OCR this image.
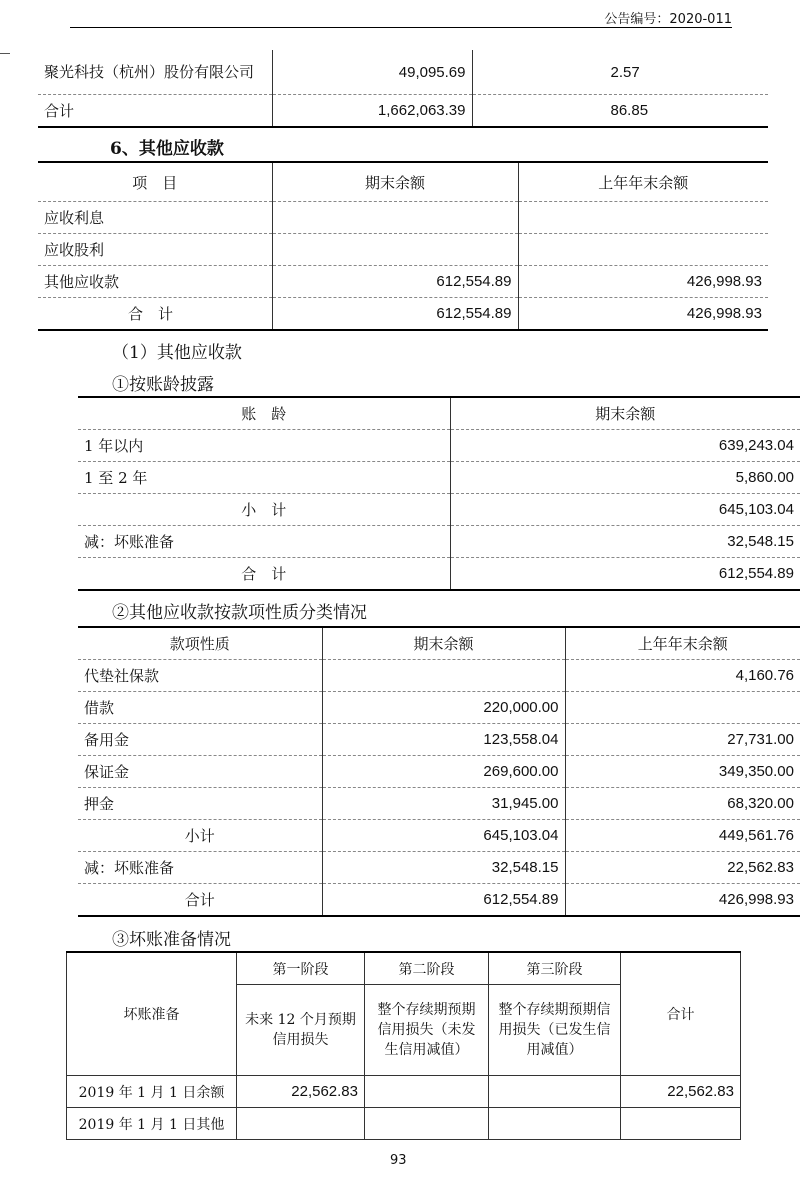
公告编号：2020-011
聚光科技（杭州）股份有限公司	49,095.69	2.57
合计	1,662,063.39	86.85
6、其他应收款
项　目	期末余额	上年年末余额
应收利息		
应收股利		
其他应收款	612,554.89	426,998.93
合　计	612,554.89	426,998.93
（1）其他应收款
①按账龄披露
账　龄	期末余额
1 年以内	639,243.04
1 至 2 年	5,860.00
小　计	645,103.04
减：坏账准备	32,548.15
合　计	612,554.89
②其他应收款按款项性质分类情况
款项性质	期末余额	上年年末余额
代垫社保款		4,160.76
借款	220,000.00	
备用金	123,558.04	27,731.00
保证金	269,600.00	349,350.00
押金	31,945.00	68,320.00
小计	645,103.04	449,561.76
减：坏账准备	32,548.15	22,562.83
合计	612,554.89	426,998.93
③坏账准备情况
坏账准备	第一阶段	第二阶段	第三阶段	合计
	未来 12 个月预期信用损失	整个存续期预期信用损失（未发生信用减值）	整个存续期预期信用损失（已发生信用减值）	
2019 年 1 月 1 日余额	22,562.83			22,562.83
2019 年 1 月 1 日其他				
93
